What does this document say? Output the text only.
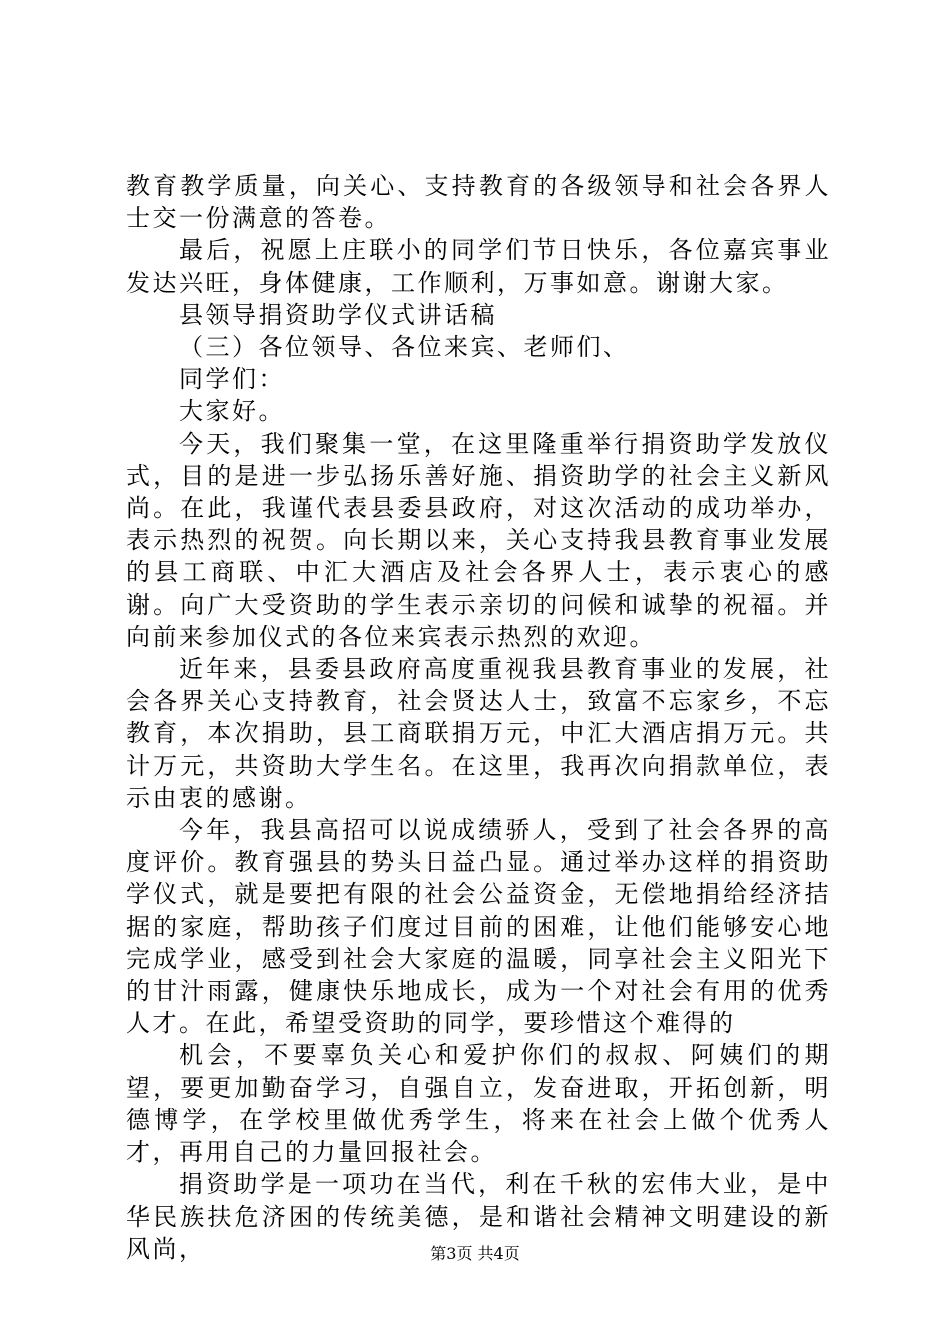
教育教学质量，向关心、支持教育的各级领导和社会各界人士交一份满意的答卷。

最后，祝愿上庄联小的同学们节日快乐，各位嘉宾事业发达兴旺，身体健康，工作顺利，万事如意。谢谢大家。

县领导捐资助学仪式讲话稿

（三）各位领导、各位来宾、老师们、

同学们：

大家好。

今天，我们聚集一堂，在这里隆重举行捐资助学发放仪式，目的是进一步弘扬乐善好施、捐资助学的社会主义新风尚。在此，我谨代表县委县政府，对这次活动的成功举办，表示热烈的祝贺。向长期以来，关心支持我县教育事业发展的县工商联、中汇大酒店及社会各界人士，表示衷心的感谢。向广大受资助的学生表示亲切的问候和诚挚的祝福。并向前来参加仪式的各位来宾表示热烈的欢迎。

近年来，县委县政府高度重视我县教育事业的发展，社会各界关心支持教育，社会贤达人士，致富不忘家乡，不忘教育，本次捐助，县工商联捐万元，中汇大酒店捐万元。共计万元，共资助大学生名。在这里，我再次向捐款单位，表示由衷的感谢。

今年，我县高招可以说成绩骄人，受到了社会各界的高度评价。教育强县的势头日益凸显。通过举办这样的捐资助学仪式，就是要把有限的社会公益资金，无偿地捐给经济拮据的家庭，帮助孩子们度过目前的困难，让他们能够安心地完成学业，感受到社会大家庭的温暖，同享社会主义阳光下的甘汁雨露，健康快乐地成长，成为一个对社会有用的优秀人才。在此，希望受资助的同学，要珍惜这个难得的

机会，不要辜负关心和爱护你们的叔叔、阿姨们的期望，要更加勤奋学习，自强自立，发奋进取，开拓创新，明德博学，在学校里做优秀学生，将来在社会上做个优秀人才，再用自己的力量回报社会。

捐资助学是一项功在当代，利在千秋的宏伟大业，是中华民族扶危济困的传统美德，是和谐社会精神文明建设的新风尚，	第3页 共4页
